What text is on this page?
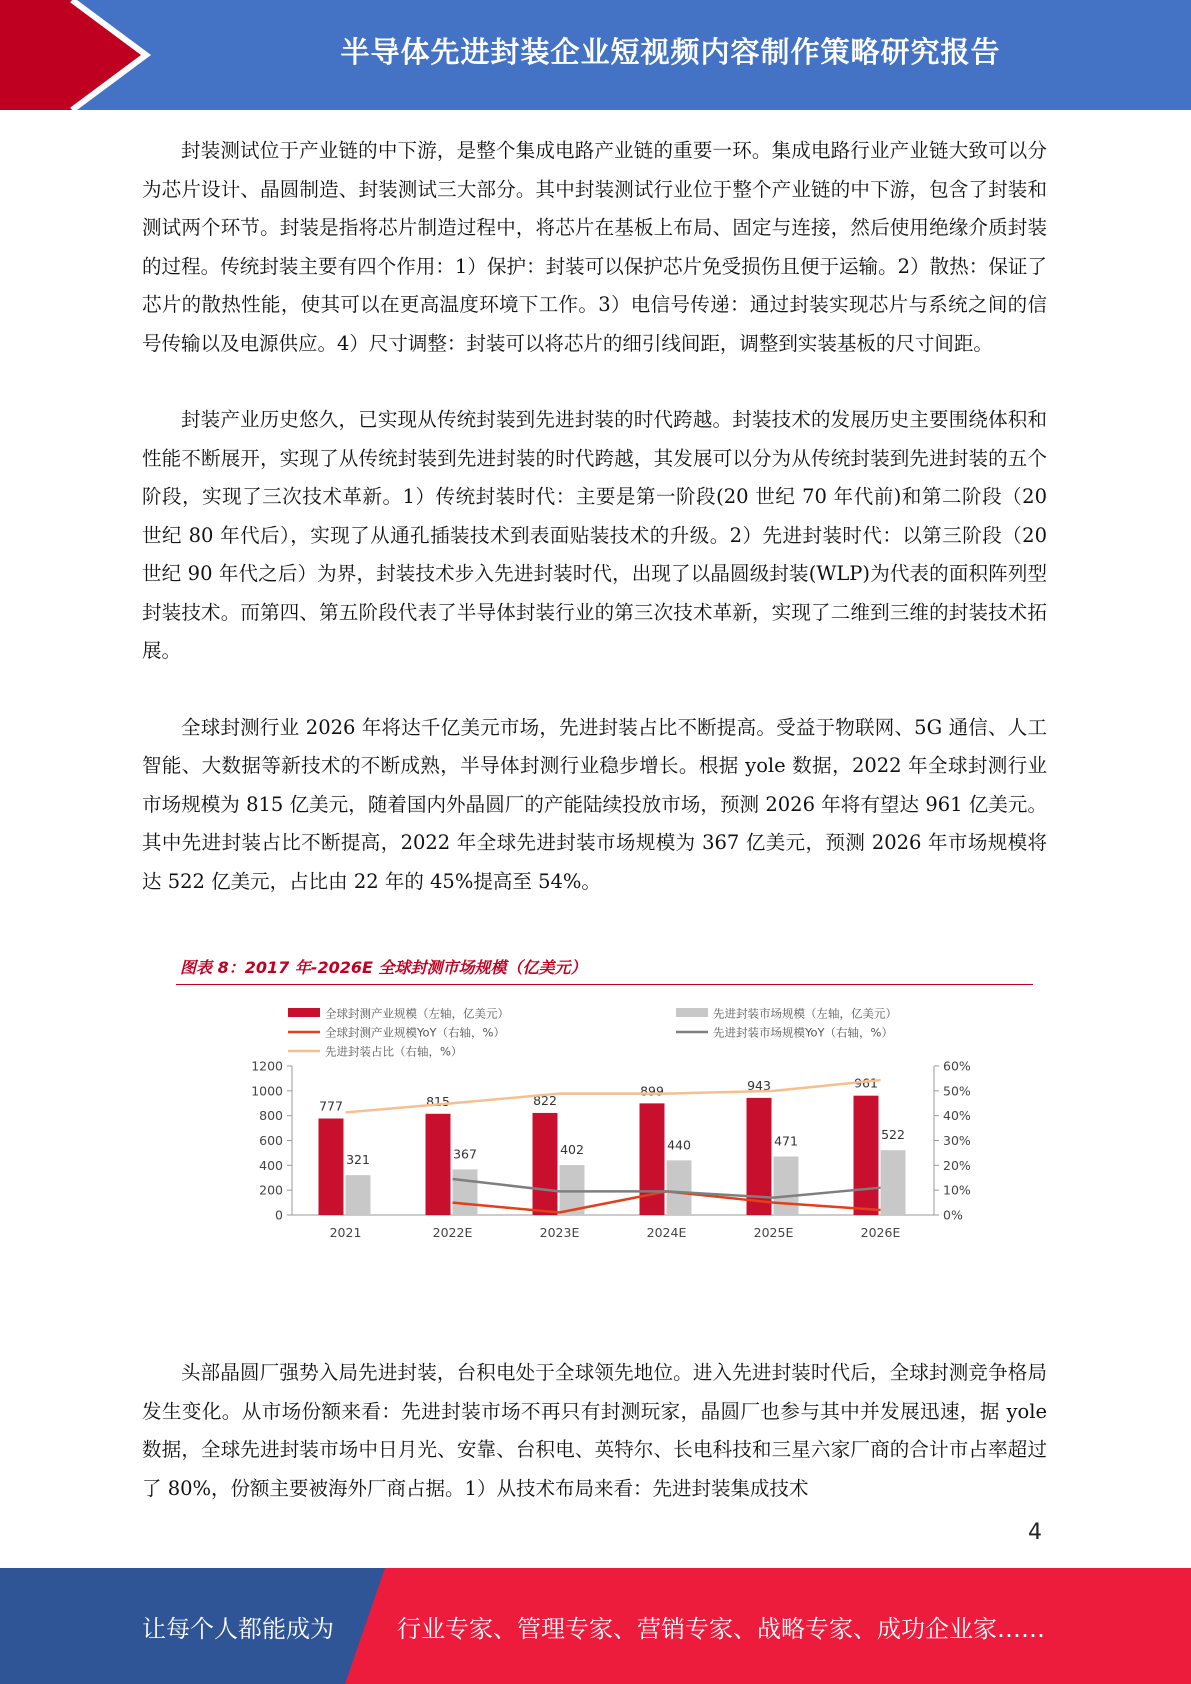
半导体先进封装企业短视频内容制作策略研究报告

封装测试位于产业链的中下游，是整个集成电路产业链的重要一环。集成电路行业产业链大致可以分为芯片设计、晶圆制造、封装测试三大部分。其中封装测试行业位于整个产业链的中下游，包含了封装和测试两个环节。封装是指将芯片制造过程中，将芯片在基板上布局、固定与连接，然后使用绝缘介质封装的过程。传统封装主要有四个作用：1）保护：封装可以保护芯片免受损伤且便于运输。2）散热：保证了芯片的散热性能，使其可以在更高温度环境下工作。3）电信号传递：通过封装实现芯片与系统之间的信号传输以及电源供应。4）尺寸调整：封装可以将芯片的细引线间距，调整到实装基板的尺寸间距。

封装产业历史悠久，已实现从传统封装到先进封装的时代跨越。封装技术的发展历史主要围绕体积和性能不断展开，实现了从传统封装到先进封装的时代跨越，其发展可以分为从传统封装到先进封装的五个阶段，实现了三次技术革新。1）传统封装时代：主要是第一阶段(20 世纪 70 年代前)和第二阶段（20 世纪 80 年代后），实现了从通孔插装技术到表面贴装技术的升级。2）先进封装时代：以第三阶段（20 世纪 90 年代之后）为界，封装技术步入先进封装时代，出现了以晶圆级封装(WLP)为代表的面积阵列型封装技术。而第四、第五阶段代表了半导体封装行业的第三次技术革新，实现了二维到三维的封装技术拓展。

全球封测行业 2026 年将达千亿美元市场，先进封装占比不断提高。受益于物联网、5G 通信、人工智能、大数据等新技术的不断成熟，半导体封测行业稳步增长。根据 yole 数据，2022 年全球封测行业市场规模为 815 亿美元，随着国内外晶圆厂的产能陆续投放市场，预测 2026 年将有望达 961 亿美元。其中先进封装占比不断提高，2022 年全球先进封装市场规模为 367 亿美元，预测 2026 年市场规模将达 522 亿美元，占比由 22 年的 45%提高至 54%。

图表 8：2017 年-2026E 全球封测市场规模（亿美元）
全球封测产业规模（左轴，亿美元）	先进封装市场规模（左轴，亿美元）
全球封测产业规模YoY（右轴，%）	先进封装市场规模YoY（右轴，%）
先进封装占比（右轴，%）
0
200
400
600
800
1000
1200
0%
10%
20%
30%
40%
50%
60%
777	815	822
899	943	961
321	367	402	440	471	522
2021	2022E	2023E	2024E	2025E	2026E

头部晶圆厂强势入局先进封装，台积电处于全球领先地位。进入先进封装时代后，全球封测竞争格局发生变化。从市场份额来看：先进封装市场不再只有封测玩家，晶圆厂也参与其中并发展迅速，据 yole 数据，全球先进封装市场中日月光、安靠、台积电、英特尔、长电科技和三星六家厂商的合计市占率超过了 80%，份额主要被海外厂商占据。1）从技术布局来看：先进封装集成技术

4
让每个人都能成为	行业专家、管理专家、营销专家、战略专家、成功企业家……
